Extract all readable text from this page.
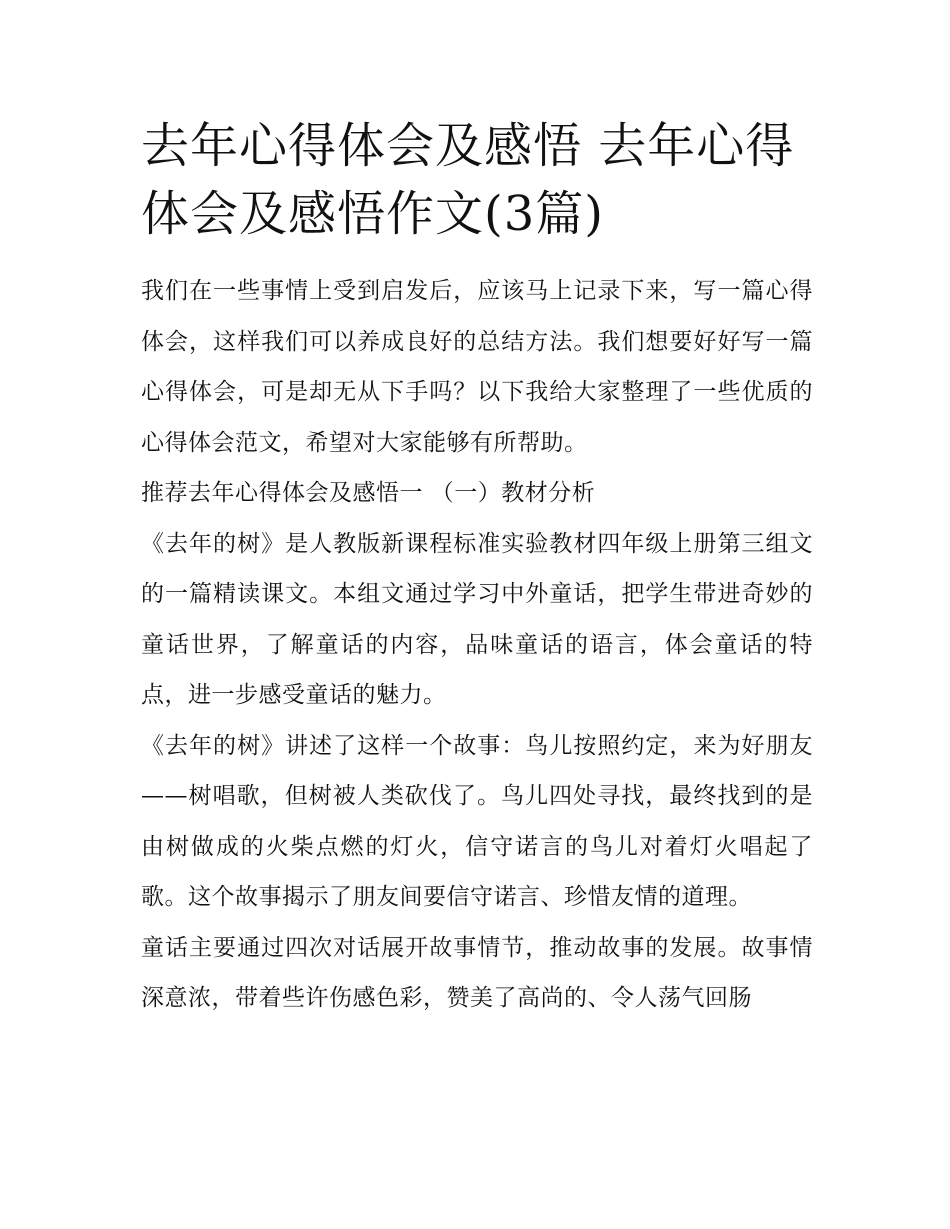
去年心得体会及感悟 去年心得体会及感悟作文(3篇)

我们在一些事情上受到启发后，应该马上记录下来，写一篇心得体会，这样我们可以养成良好的总结方法。我们想要好好写一篇心得体会，可是却无从下手吗？以下我给大家整理了一些优质的心得体会范文，希望对大家能够有所帮助。

推荐去年心得体会及感悟一 （一）教材分析

《去年的树》是人教版新课程标准实验教材四年级上册第三组文的一篇精读课文。本组文通过学习中外童话，把学生带进奇妙的童话世界，了解童话的内容，品味童话的语言，体会童话的特点，进一步感受童话的魅力。

《去年的树》讲述了这样一个故事：鸟儿按照约定，来为好朋友——树唱歌，但树被人类砍伐了。鸟儿四处寻找，最终找到的是由树做成的火柴点燃的灯火，信守诺言的鸟儿对着灯火唱起了歌。这个故事揭示了朋友间要信守诺言、珍惜友情的道理。

童话主要通过四次对话展开故事情节，推动故事的发展。故事情深意浓，带着些许伤感色彩，赞美了高尚的、令人荡气回肠
